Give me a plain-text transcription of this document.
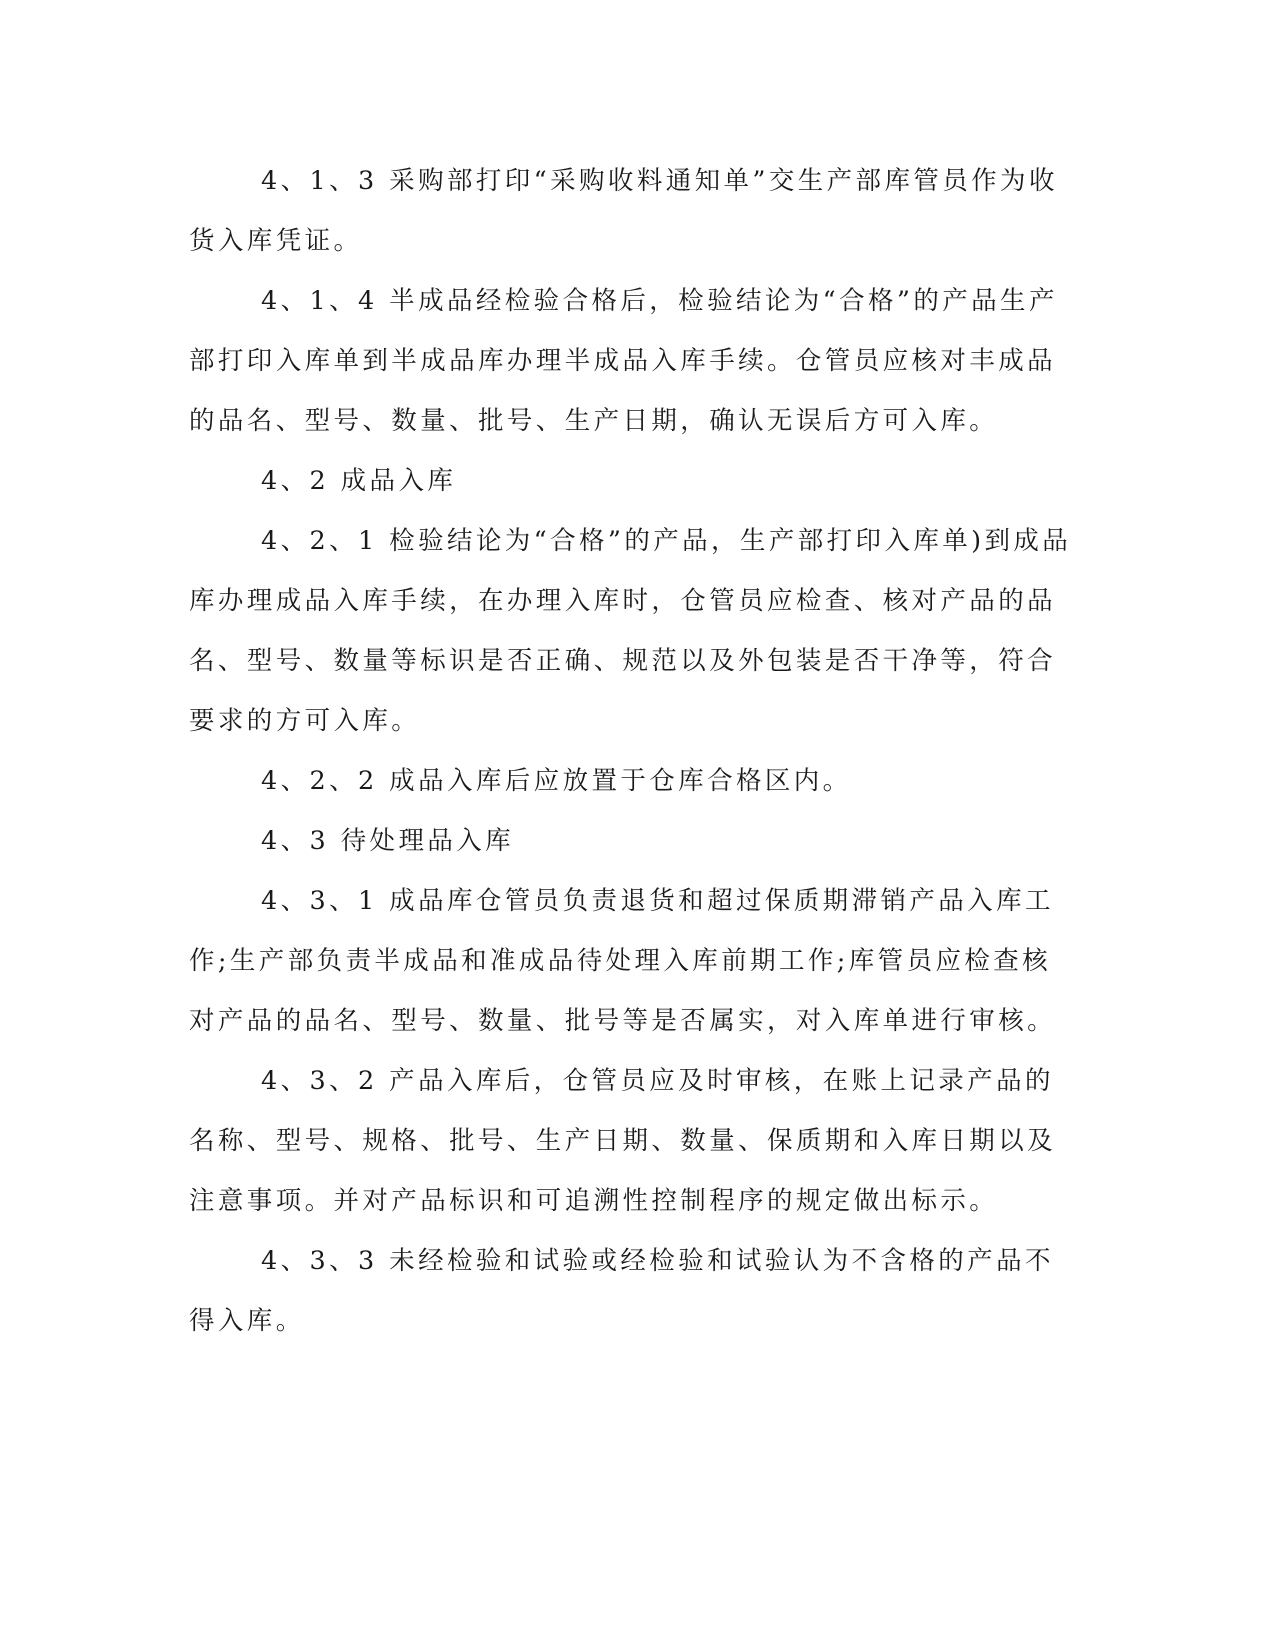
4、1、3 采购部打印“采购收料通知单”交生产部库管员作为收货入库凭证。

4、1、4 半成品经检验合格后，检验结论为“合格”的产品生产部打印入库单到半成品库办理半成品入库手续。仓管员应核对丰成品的品名、型号、数量、批号、生产日期，确认无误后方可入库。

4、2 成品入库

4、2、1 检验结论为“合格”的产品，生产部打印入库单)到成品库办理成品入库手续，在办理入库时，仓管员应检查、核对产品的品名、型号、数量等标识是否正确、规范以及外包装是否干净等，符合要求的方可入库。

4、2、2 成品入库后应放置于仓库合格区内。

4、3 待处理品入库

4、3、1 成品库仓管员负责退货和超过保质期滞销产品入库工作;生产部负责半成品和准成品待处理入库前期工作;库管员应检查核对产品的品名、型号、数量、批号等是否属实，对入库单进行审核。

4、3、2 产品入库后，仓管员应及时审核，在账上记录产品的名称、型号、规格、批号、生产日期、数量、保质期和入库日期以及注意事项。并对产品标识和可追溯性控制程序的规定做出标示。

4、3、3 未经检验和试验或经检验和试验认为不含格的产品不得入库。
